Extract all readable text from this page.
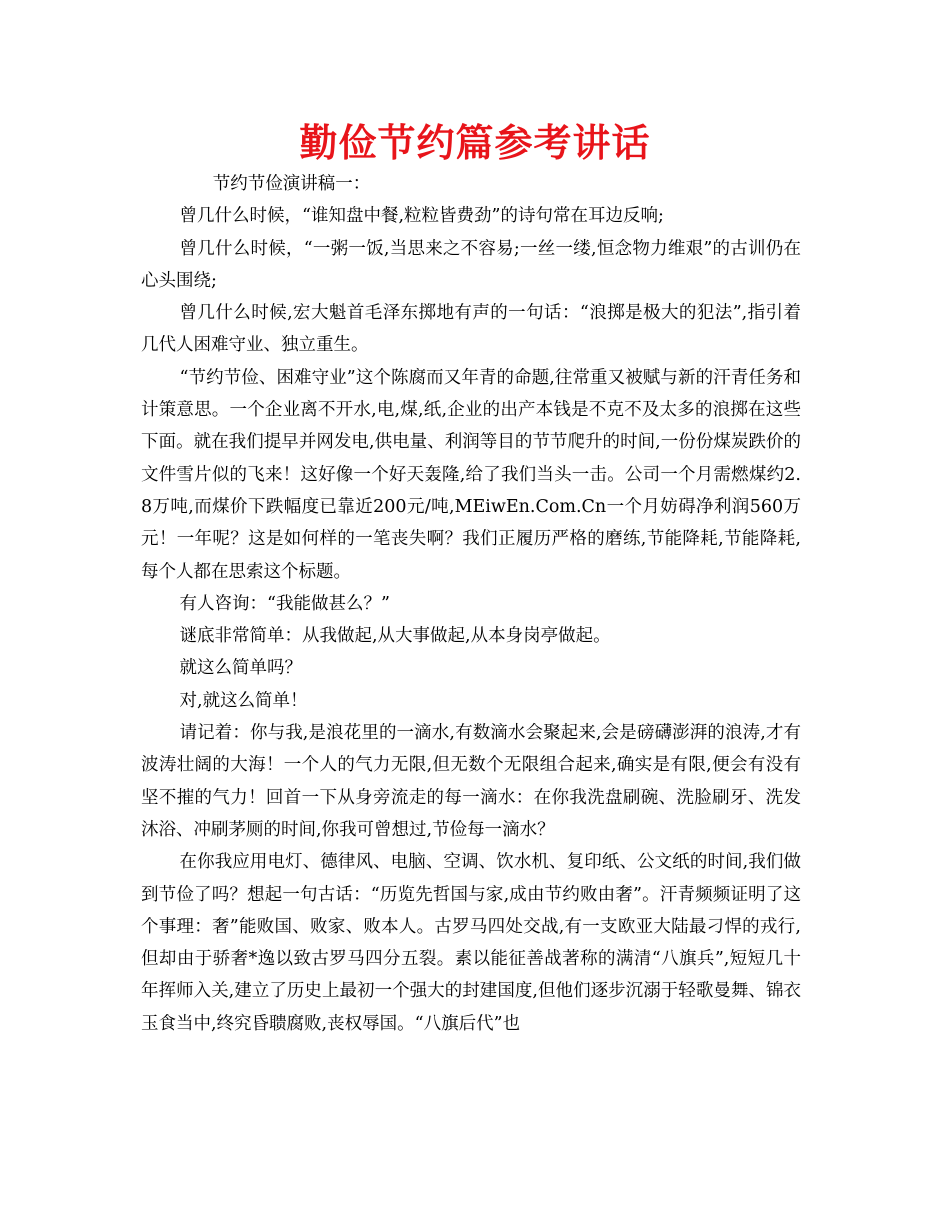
勤俭节约篇参考讲话

节约节俭演讲稿一：

曾几什么时候，“谁知盘中餐,粒粒皆费劲”的诗句常在耳边反响;

曾几什么时候，“一粥一饭,当思来之不容易;一丝一缕,恒念物力维艰”的古训仍在心头围绕;

曾几什么时候,宏大魁首毛泽东掷地有声的一句话：“浪掷是极大的犯法”,指引着几代人困难守业、独立重生。

“节约节俭、困难守业”这个陈腐而又年青的命题,往常重又被赋与新的汗青任务和计策意思。一个企业离不开水,电,煤,纸,企业的出产本钱是不克不及太多的浪掷在这些下面。就在我们提早并网发电,供电量、利润等目的节节爬升的时间,一份份煤炭跌价的文件雪片似的飞来！这好像一个好天轰隆,给了我们当头一击。公司一个月需燃煤约2.8万吨,而煤价下跌幅度已靠近200元/吨,MEiwEn.Com.Cn一个月妨碍净利润560万元！一年呢？这是如何样的一笔丧失啊？我们正履历严格的磨练,节能降耗,节能降耗,每个人都在思索这个标题。

有人咨询：“我能做甚么？”

谜底非常简单：从我做起,从大事做起,从本身岗亭做起。

就这么简单吗？

对,就这么简单！

请记着：你与我,是浪花里的一滴水,有数滴水会聚起来,会是磅礴澎湃的浪涛,才有波涛壮阔的大海！一个人的气力无限,但无数个无限组合起来,确实是有限,便会有没有坚不摧的气力！回首一下从身旁流走的每一滴水：在你我洗盘刷碗、洗脸刷牙、洗发沐浴、冲刷茅厕的时间,你我可曾想过,节俭每一滴水？

在你我应用电灯、德律风、电脑、空调、饮水机、复印纸、公文纸的时间,我们做到节俭了吗？想起一句古话：“历览先哲国与家,成由节约败由奢”。汗青频频证明了这个事理：奢”能败国、败家、败本人。古罗马四处交战,有一支欧亚大陆最刁悍的戎行,但却由于骄奢*逸以致古罗马四分五裂。素以能征善战著称的满清“八旗兵”,短短几十年挥师入关,建立了历史上最初一个强大的封建国度,但他们逐步沉溺于轻歌曼舞、锦衣玉食当中,终究昏聩腐败,丧权辱国。“八旗后代”也
